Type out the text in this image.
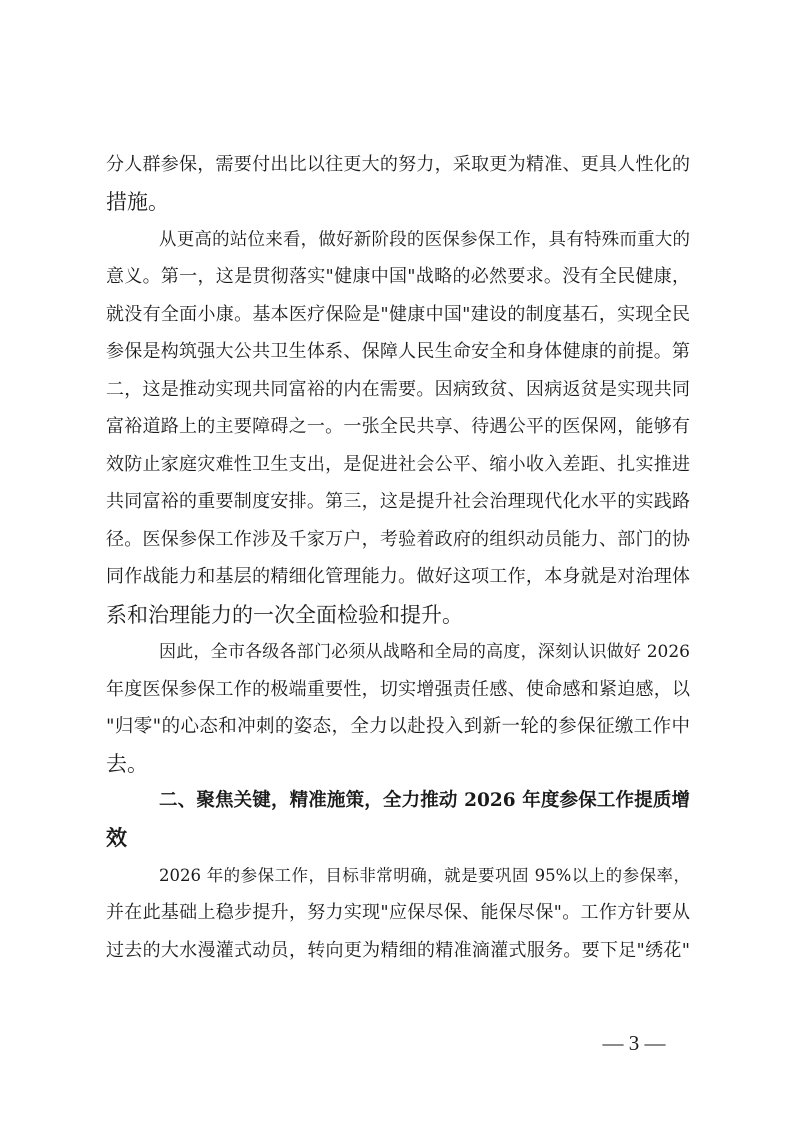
分人群参保，需要付出比以往更大的努力，采取更为精准、更具人性化的
措施。
从更高的站位来看，做好新阶段的医保参保工作，具有特殊而重大的
意义。第一，这是贯彻落实"健康中国"战略的必然要求。没有全民健康，
就没有全面小康。基本医疗保险是"健康中国"建设的制度基石，实现全民
参保是构筑强大公共卫生体系、保障人民生命安全和身体健康的前提。第
二，这是推动实现共同富裕的内在需要。因病致贫、因病返贫是实现共同
富裕道路上的主要障碍之一。一张全民共享、待遇公平的医保网，能够有
效防止家庭灾难性卫生支出，是促进社会公平、缩小收入差距、扎实推进
共同富裕的重要制度安排。第三，这是提升社会治理现代化水平的实践路
径。医保参保工作涉及千家万户，考验着政府的组织动员能力、部门的协
同作战能力和基层的精细化管理能力。做好这项工作，本身就是对治理体
系和治理能力的一次全面检验和提升。
因此，全市各级各部门必须从战略和全局的高度，深刻认识做好 2026
年度医保参保工作的极端重要性，切实增强责任感、使命感和紧迫感，以
"归零"的心态和冲刺的姿态，全力以赴投入到新一轮的参保征缴工作中
去。
二、聚焦关键，精准施策，全力推动 2026 年度参保工作提质增
效
2026 年的参保工作，目标非常明确，就是要巩固 95%以上的参保率，
并在此基础上稳步提升，努力实现"应保尽保、能保尽保"。工作方针要从
过去的大水漫灌式动员，转向更为精细的精准滴灌式服务。要下足"绣花"
— 3 —
